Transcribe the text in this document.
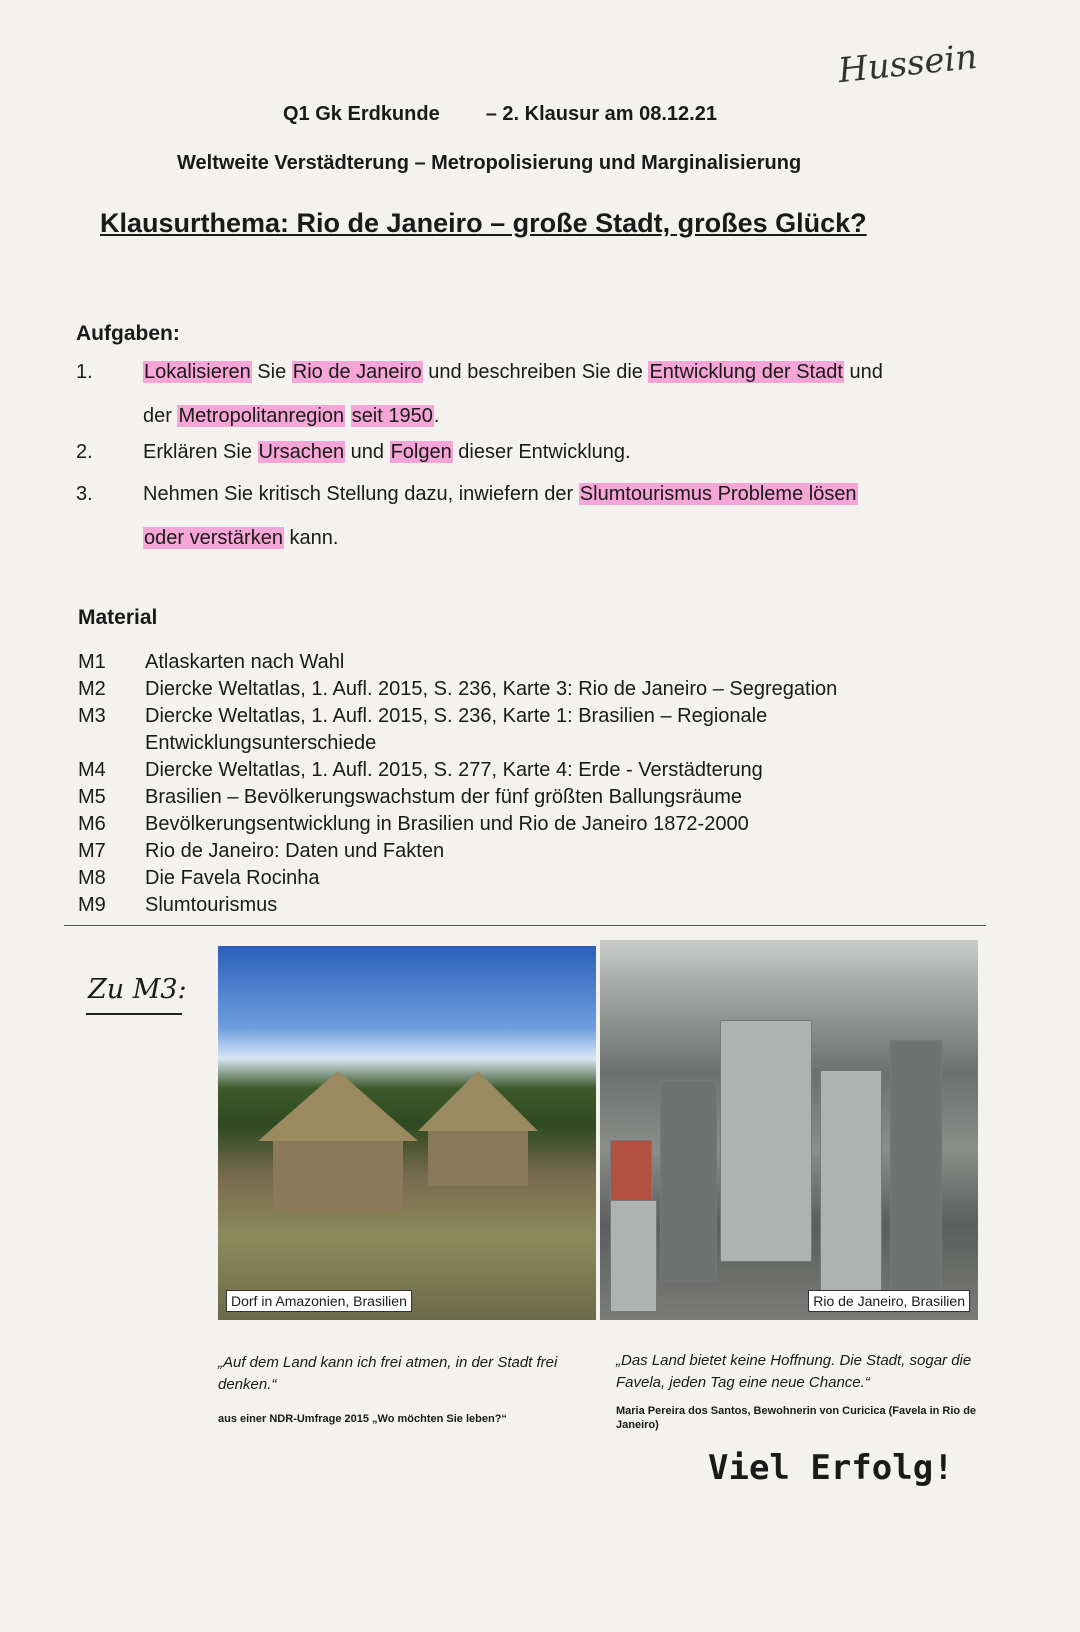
Hussein
Q1 Gk Erdkunde – 2. Klausur am 08.12.21
Weltweite Verstädterung – Metropolisierung und Marginalisierung
Klausurthema: Rio de Janeiro – große Stadt, großes Glück?
Aufgaben:
1.	Lokalisieren Sie Rio de Janeiro und beschreiben Sie die Entwicklung der Stadt und
der Metropolitanregion seit 1950.
2.	Erklären Sie Ursachen und Folgen dieser Entwicklung.
3.	Nehmen Sie kritisch Stellung dazu, inwiefern der Slumtourismus Probleme lösen
oder verstärken kann.
Material
M1 Atlaskarten nach Wahl
M2 Diercke Weltatlas, 1. Aufl. 2015, S. 236, Karte 3: Rio de Janeiro – Segregation
M3 Diercke Weltatlas, 1. Aufl. 2015, S. 236, Karte 1: Brasilien – Regionale
Entwicklungsunterschiede
M4 Diercke Weltatlas, 1. Aufl. 2015, S. 277, Karte 4: Erde - Verstädterung
M5 Brasilien – Bevölkerungswachstum der fünf größten Ballungsräume
M6 Bevölkerungsentwicklung in Brasilien und Rio de Janeiro 1872-2000
M7 Rio de Janeiro: Daten und Fakten
M8 Die Favela Rocinha
M9 Slumtourismus
Zu M3:
Dorf in Amazonien, Brasilien	Rio de Janeiro, Brasilien
„Auf dem Land kann ich frei atmen, in der Stadt frei denken.“
aus einer NDR-Umfrage 2015 „Wo möchten Sie leben?“
„Das Land bietet keine Hoffnung. Die Stadt, sogar die Favela, jeden Tag eine neue Chance.“
Maria Pereira dos Santos, Bewohnerin von Curicica (Favela in Rio de Janeiro)
Viel Erfolg!
